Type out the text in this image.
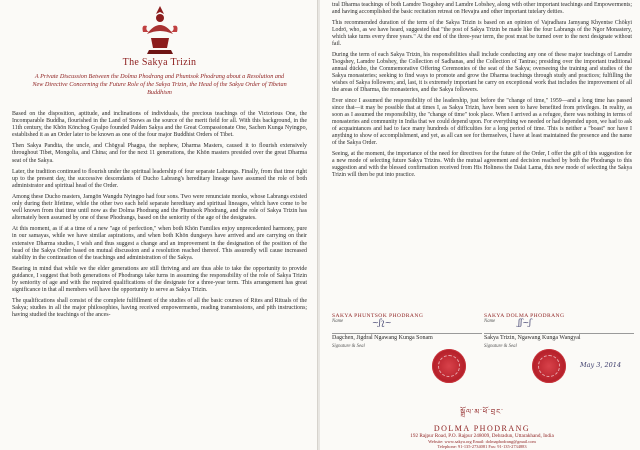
The Sakya Trizin
A Private Discussion Between the Dolma Phodrang and Phuntsok Phodrang about a Resolution and New Directive Concerning the Future Role of the Sakya Trizin, the Head of the Sakya Order of Tibetan Buddhism

Based on the disposition, aptitude, and inclinations of individuals, the precious teachings of the Victorious One, the Incomparable Buddha, flourished in the Land of Snows as the source of the merit field for all. With this background, in the 11th century, the Khön Könchog Gyalpo founded Palden Sakya and the Great Compassionate One, Sachen Kunga Nyingpo, established it as an Order later to be known as one of the four major Buddhist Orders of Tibet.

Then Sakya Pandita, the uncle, and Chögyal Phagpa, the nephew, Dharma Masters, caused it to flourish extensively throughout Tibet, Mongolia, and China; and for the next 11 generations, the Khön masters presided over the great Dharma seat of the Sakya.

Later, the tradition continued to flourish under the spiritual leadership of four separate Labrangs. Finally, from that time right up to the present day, the successive descendants of Ducho Labrang's hereditary lineage have assumed the role of both administrator and spiritual head of the Order.

Among these Ducho masters, Jamgön Wangdu Nyingpo had four sons. Two were renunciate monks, whose Labrangs existed only during their lifetime, while the other two each held separate hereditary and spiritual lineages, which have come to be well known from that time until now as the Dolma Phodrang and the Phuntsok Phodrang, and the role of Sakya Trizin has alternately been assumed by one of these Phodrangs, based on the seniority of the age of the designates.

At this moment, as if at a time of a new "age of perfection," when both Khön Families enjoy unprecedented harmony, pure in our samayas, while we have similar aspirations, and when both Khön dungseys have arrived and are carrying on their extensive Dharma studies, I wish and thus suggest a change and an improvement in the designation of the position of the head of the Sakya Order based on mutual discussion and a resolution reached thereof. This assuredly will cause increased stability in the continuation of the teachings and administration of the Sakya.

Bearing in mind that while we the elder generations are still thriving and are thus able to take the opportunity to provide guidance, I suggest that both generations of Phodrangs take turns in assuming the responsibility of the role of Sakya Trizin by seniority of age and with the required qualifications of the designate for a three-year term. This arrangement has great significance in that all members will have the opportunity to serve as Sakya Trizin.

The qualifications shall consist of the complete fulfillment of the studies of all the basic courses of Rites and Rituals of the Sakya; studies in all the major philosophies, having received empowerments, reading transmissions, and pith instructions; having studied the teachings of the ances-

tral Dharma teachings of both Lamdre Tsogshey and Lamdre Lobshey, along with other important teachings and Empowerments; and having accomplished the basic recitation retreat on Hevajra and other important tutelary deities.

This recommended duration of the term of the Sakya Trizin is based on an opinion of Vajradhara Jamyang Khyentse Chökyi Lodrö, who, as we have heard, suggested that "the post of Sakya Trizin be made like the four Labrangs of the Ngor Monastery, which take turns every three years." At the end of the three-year term, the post must be turned over to the next designate without fail.

During the term of each Sakya Trizin, his responsibilities shall include conducting any one of these major teachings of Lamdre Tsogshey, Lamdre Lobshey, the Collection of Sadhanas, and the Collection of Tantras; presiding over the important traditional annual dückho, the Commemorative Offering Ceremonies of the seat of the Sakya; overseeing the training and studies of the Sakya monasteries; seeking to find ways to promote and grow the Dharma teachings through study and practices; fulfilling the wishes of Sakya followers; and, last, it is extremely important he carry on exceptional work that includes the improvement of all the areas of Dharma, the monasteries, and the Sakya followers.

Ever since I assumed the responsibility of the leadership, just before the "change of time," 1959—and a long time has passed since that—it may be possible that at times I, as Sakya Trizin, have been seen to have benefited from privileges. In reality, as soon as I assumed the responsibility, the "change of time" took place. When I arrived as a refugee, there was nothing in terms of monasteries and community in India that we could depend upon. For everything we needed or had depended upon, we had to ask of acquaintances and had to face many hundreds of difficulties for a long period of time. This is neither a "boast" nor have I anything to show of accomplishment, and yet, as all can see for themselves, I have at least maintained the presence and the name of the Sakya Order.

Seeing, at the moment, the importance of the need for directives for the future of the Order, I offer the gift of this suggestion for a new mode of selecting future Sakya Trizins. With the mutual agreement and decision reached by both the Phodrangs to this suggestion and with the blessed confirmation received from His Holiness the Dalai Lama, this new mode of selecting the Sakya Trizin will then be put into practice.

SAKYA PHUNTSOK PHODRANG
Name	~ʃʅ~
Dagchen, Jigdral Ngawang Kunga Sonam
Signature & Seal
SAKYA DOLMA PHODRANG
Name	ʃʃ~ʃ
Sakya Trizin, Ngawang Kunga Wangyal
Signature & Seal
May 3, 2014
སྒྲོལ་མ་ཕོ་བྲང་
DOLMA PHODRANG
192 Rajpur Road, P.O. Rajpur 248009, Dehradun, Uttarakhand, India
Website: www.sakya.org Email: dolmaphodrang@gmail.com
Telephone: 91-135-2734081 Fax: 91-135-2734883
